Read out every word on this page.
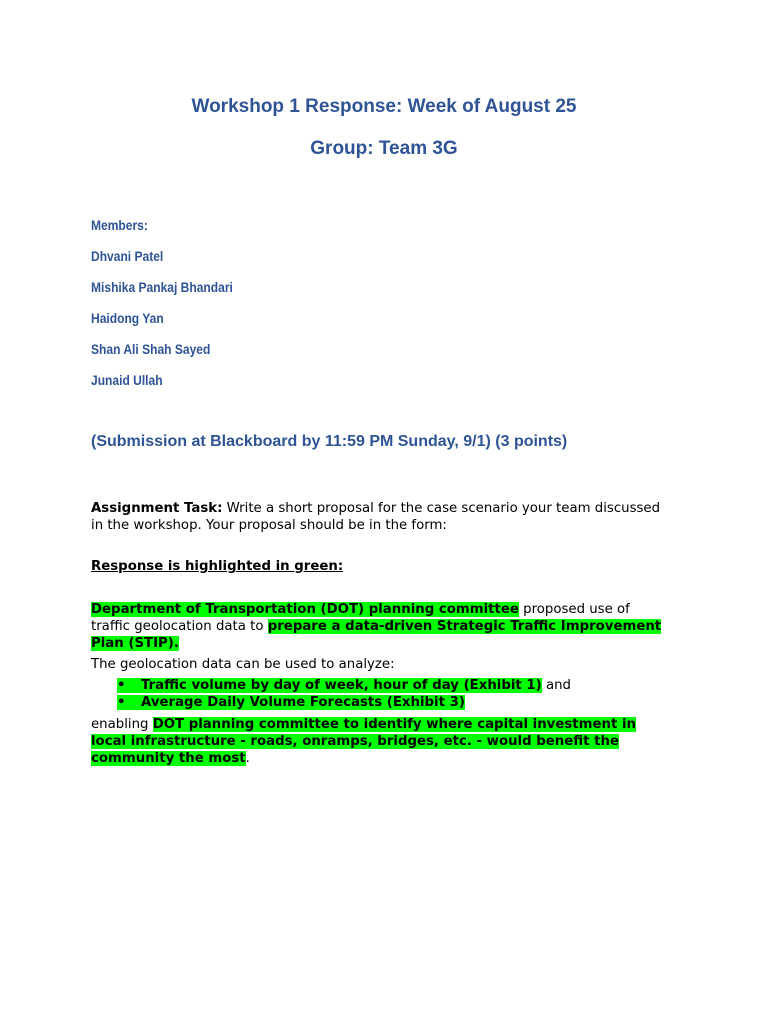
Workshop 1 Response: Week of August 25
Group: Team 3G
Members:
Dhvani Patel
Mishika Pankaj Bhandari
Haidong Yan
Shan Ali Shah Sayed
Junaid Ullah

(Submission at Blackboard by 11:59 PM Sunday, 9/1) (3 points)

Assignment Task: Write a short proposal for the case scenario your team discussed in the workshop. Your proposal should be in the form:

Response is highlighted in green:

Department of Transportation (DOT) planning committee proposed use of traffic geolocation data to prepare a data-driven Strategic Traffic Improvement Plan (STIP).

The geolocation data can be used to analyze:

• Traffic volume by day of week, hour of day (Exhibit 1) and
• Average Daily Volume Forecasts (Exhibit 3)

enabling DOT planning committee to identify where capital investment in local infrastructure - roads, onramps, bridges, etc. - would benefit the community the most.
